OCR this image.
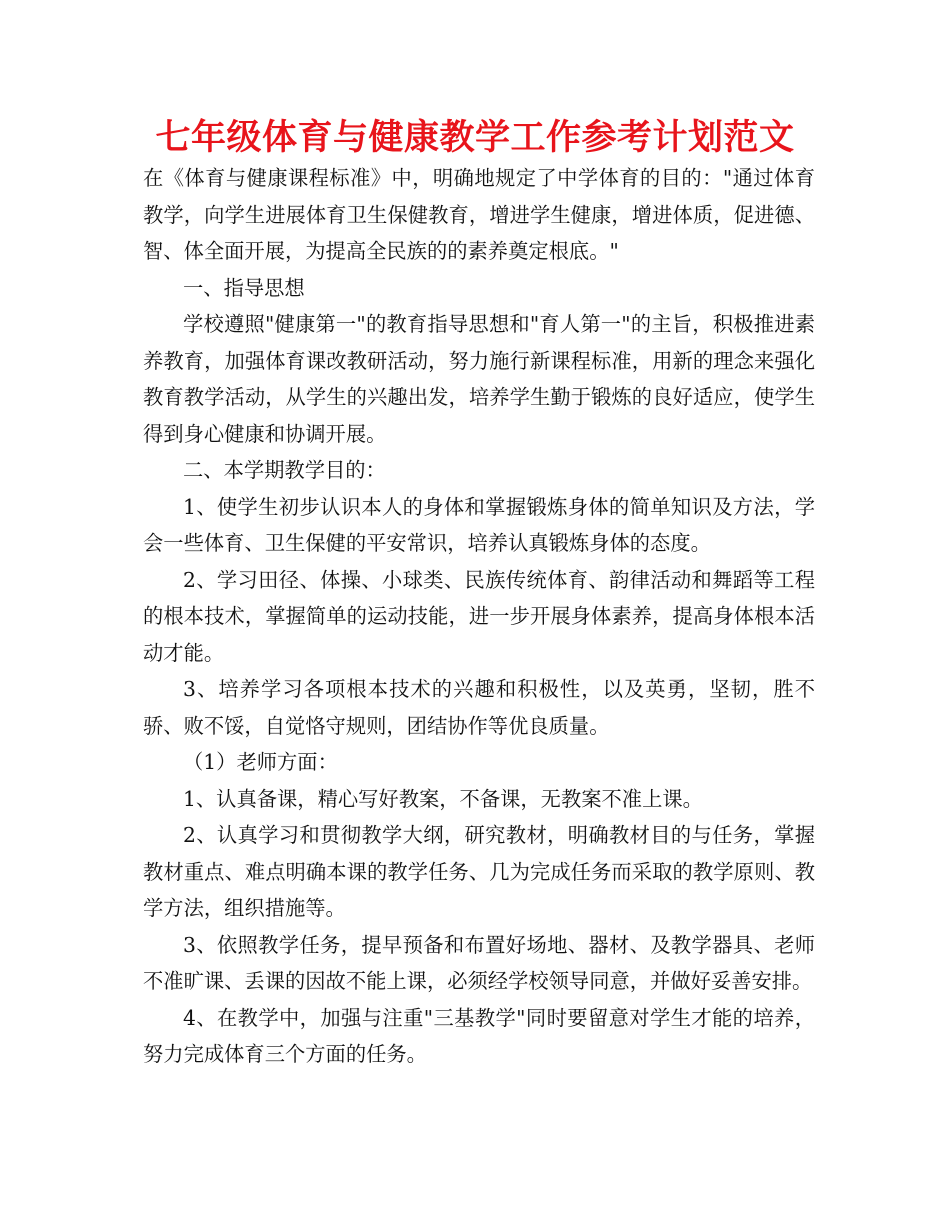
七年级体育与健康教学工作参考计划范文

在《体育与健康课程标准》中，明确地规定了中学体育的目的："通过体育教学，向学生进展体育卫生保健教育，增进学生健康，增进体质，促进德、智、体全面开展，为提高全民族的的素养奠定根底。"

一、指导思想

学校遵照"健康第一"的教育指导思想和"育人第一"的主旨，积极推进素养教育，加强体育课改教研活动，努力施行新课程标准，用新的理念来强化教育教学活动，从学生的兴趣出发，培养学生勤于锻炼的良好适应，使学生得到身心健康和协调开展。

二、本学期教学目的：

1、使学生初步认识本人的身体和掌握锻炼身体的简单知识及方法，学会一些体育、卫生保健的平安常识，培养认真锻炼身体的态度。

2、学习田径、体操、小球类、民族传统体育、韵律活动和舞蹈等工程的根本技术，掌握简单的运动技能，进一步开展身体素养，提高身体根本活动才能。

3、培养学习各项根本技术的兴趣和积极性，以及英勇，坚韧，胜不骄、败不馁，自觉恪守规则，团结协作等优良质量。

（1）老师方面：

1、认真备课，精心写好教案，不备课，无教案不准上课。

2、认真学习和贯彻教学大纲，研究教材，明确教材目的与任务，掌握教材重点、难点明确本课的教学任务、几为完成任务而采取的教学原则、教学方法，组织措施等。

3、依照教学任务，提早预备和布置好场地、器材、及教学器具、老师不准旷课、丢课的因故不能上课，必须经学校领导同意，并做好妥善安排。

4、在教学中，加强与注重"三基教学"同时要留意对学生才能的培养，努力完成体育三个方面的任务。
